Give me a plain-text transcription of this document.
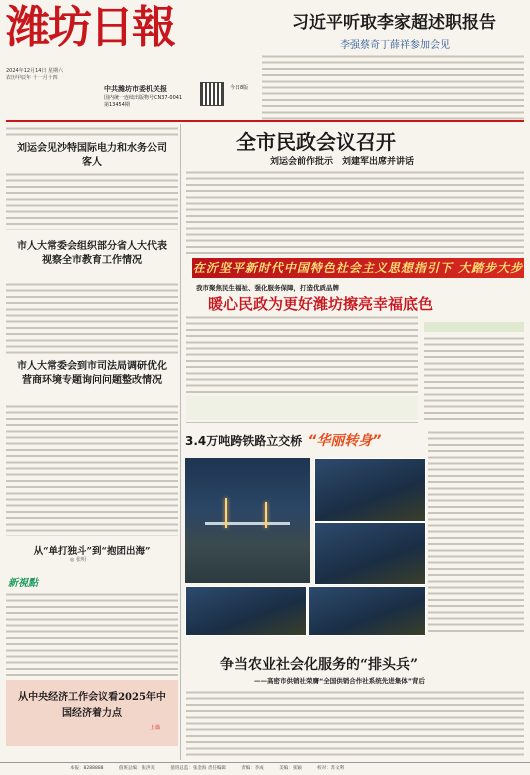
潍坊日報
2024年12月14日 星期六
农历甲辰年 十一月十四
中共潍坊市委机关报
国内统一连续出版物号CN37-0041
第13454期
今日8版
习近平听取李家超述职报告
李强蔡奇丁薛祥参加会见
刘运会见沙特国际电力和水务公司客人
市人大常委会组织部分省人大代表视察全市教育工作情况
市人大常委会到市司法局调研优化营商环境专题询问问题整改情况
从“单打独斗”到“抱团出海”
◎ 张明
新視點
从中央经济工作会议看2025年中国经济着力点
上篇
全市民政会议召开
刘运会前作批示　刘建军出席并讲话
在沂坚平新时代中国特色社会主义思想指引下 大踏步大步
我市聚焦民生福祉、强化服务保障，打造优质品牌
暖心民政为更好潍坊擦亮幸福底色
3.4万吨跨铁路立交桥 “华丽转身”
争当农业社会化服务的“排头兵”
——高密市供销社荣膺“全国供销合作社系统先进集体”背后
本报：8288888	值班总编：张洪炎	值班总监：张金海 责任编辑	责编：李成	美编：张颖	校对：苏文利
